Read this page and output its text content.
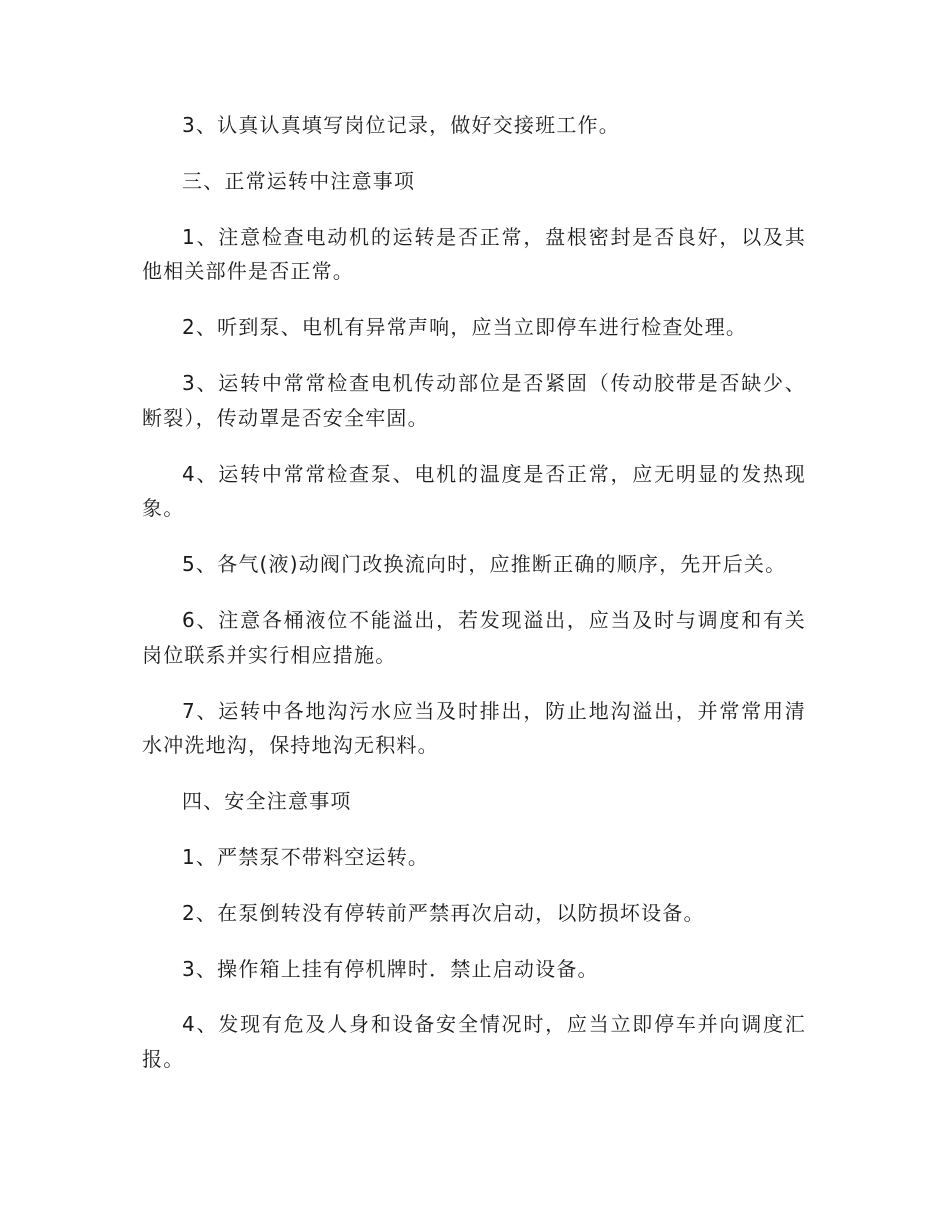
3、认真认真填写岗位记录，做好交接班工作。

三、正常运转中注意事项

1、注意检查电动机的运转是否正常，盘根密封是否良好，以及其他相关部件是否正常。

2、听到泵、电机有异常声响，应当立即停车进行检查处理。

3、运转中常常检查电机传动部位是否紧固（传动胶带是否缺少、断裂），传动罩是否安全牢固。

4、运转中常常检查泵、电机的温度是否正常，应无明显的发热现象。

5、各气(液)动阀门改换流向时，应推断正确的顺序，先开后关。

6、注意各桶液位不能溢出，若发现溢出，应当及时与调度和有关岗位联系并实行相应措施。

7、运转中各地沟污水应当及时排出，防止地沟溢出，并常常用清水冲洗地沟，保持地沟无积料。

四、安全注意事项

1、严禁泵不带料空运转。

2、在泵倒转没有停转前严禁再次启动，以防损坏设备。

3、操作箱上挂有停机牌时．禁止启动设备。

4、发现有危及人身和设备安全情况时，应当立即停车并向调度汇报。
